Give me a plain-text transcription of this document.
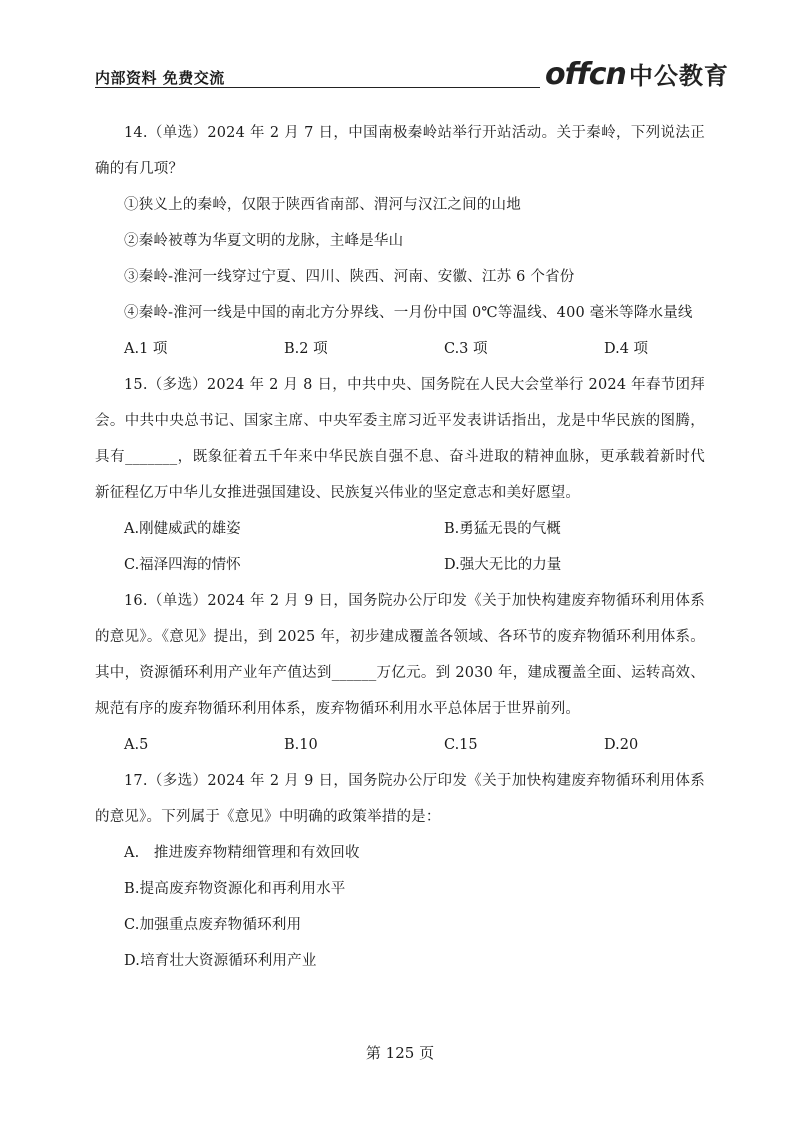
内部资料 免费交流	offcn 中公教育

14.（单选）2024 年 2 月 7 日，中国南极秦岭站举行开站活动。关于秦岭，下列说法正确的有几项？

①狭义上的秦岭，仅限于陕西省南部、渭河与汉江之间的山地

②秦岭被尊为华夏文明的龙脉，主峰是华山

③秦岭-淮河一线穿过宁夏、四川、陕西、河南、安徽、江苏 6 个省份

④秦岭-淮河一线是中国的南北方分界线、一月份中国 0℃等温线、400 毫米等降水量线

A.1 项	B.2 项	C.3 项	D.4 项

15.（多选）2024 年 2 月 8 日，中共中央、国务院在人民大会堂举行 2024 年春节团拜会。中共中央总书记、国家主席、中央军委主席习近平发表讲话指出，龙是中华民族的图腾，具有_______，既象征着五千年来中华民族自强不息、奋斗进取的精神血脉，更承载着新时代新征程亿万中华儿女推进强国建设、民族复兴伟业的坚定意志和美好愿望。

A.刚健威武的雄姿	B.勇猛无畏的气概
C.福泽四海的情怀	D.强大无比的力量

16.（单选）2024 年 2 月 9 日，国务院办公厅印发《关于加快构建废弃物循环利用体系的意见》。《意见》提出，到 2025 年，初步建成覆盖各领域、各环节的废弃物循环利用体系。其中，资源循环利用产业年产值达到______万亿元。到 2030 年，建成覆盖全面、运转高效、规范有序的废弃物循环利用体系，废弃物循环利用水平总体居于世界前列。

A.5	B.10	C.15	D.20

17.（多选）2024 年 2 月 9 日，国务院办公厅印发《关于加快构建废弃物循环利用体系的意见》。下列属于《意见》中明确的政策举措的是：

A.   推进废弃物精细管理和有效回收

B.提高废弃物资源化和再利用水平

C.加强重点废弃物循环利用

D.培育壮大资源循环利用产业

第 125 页
